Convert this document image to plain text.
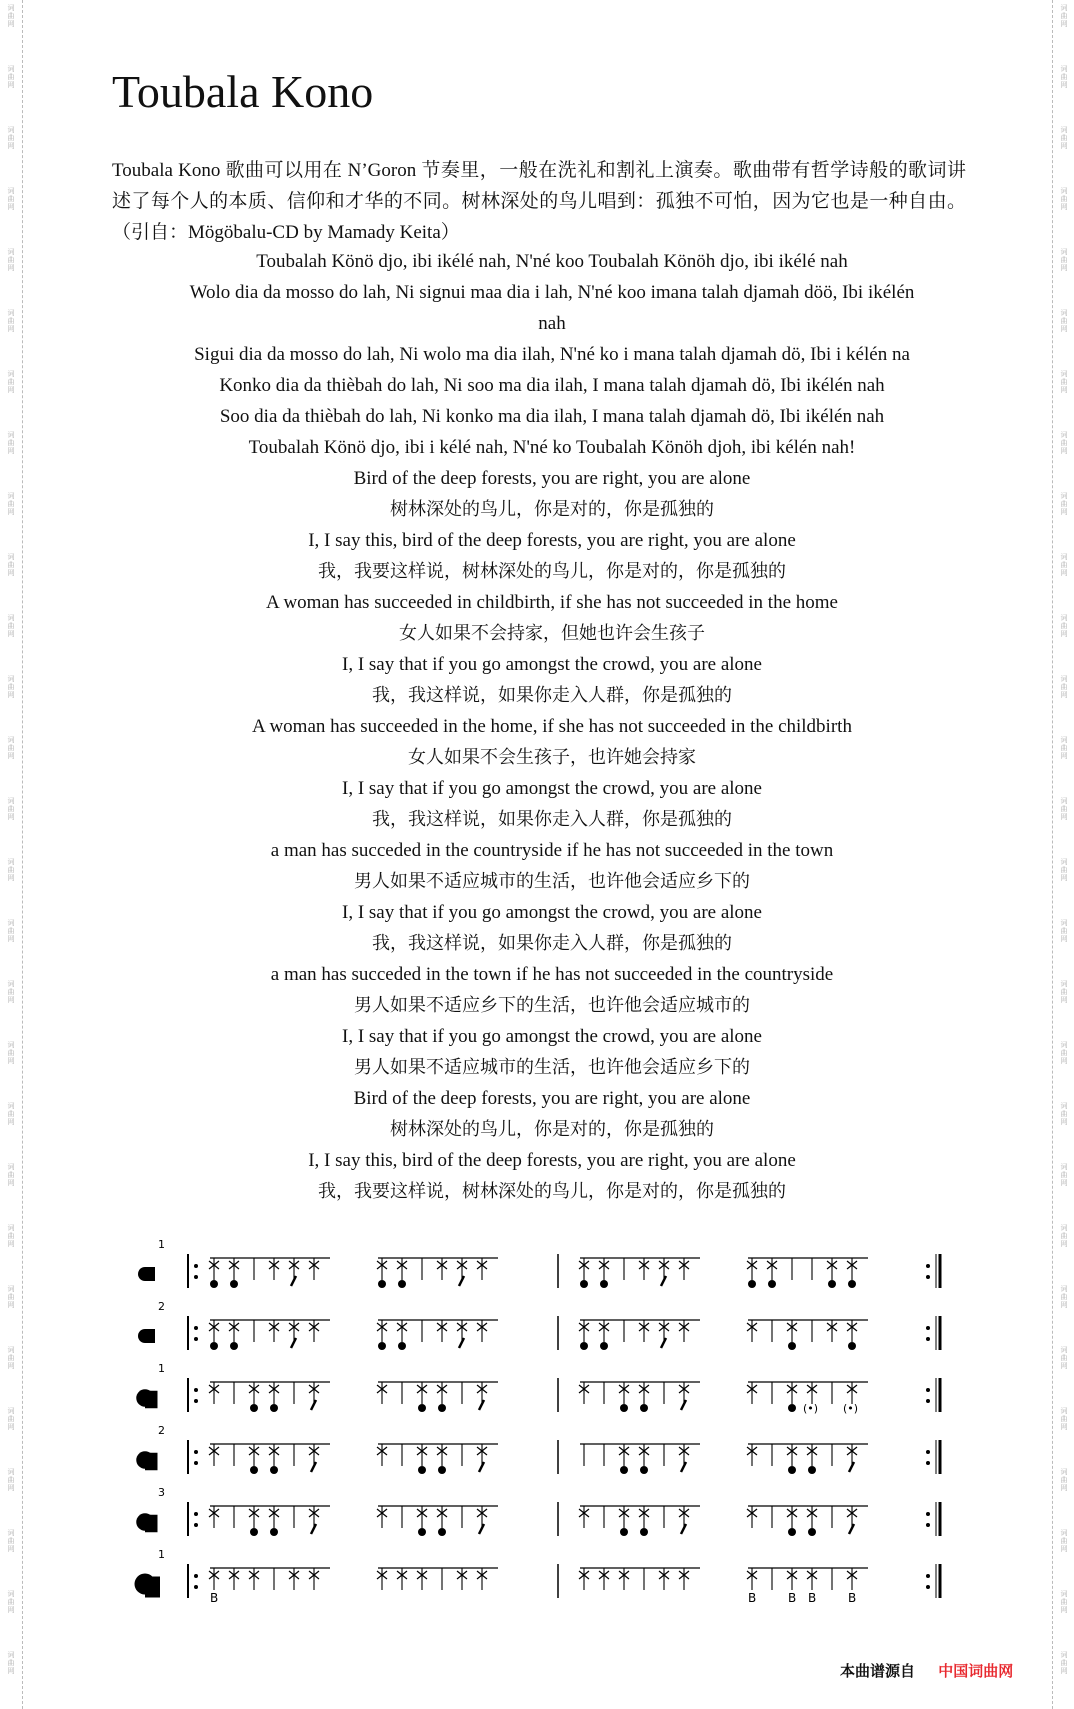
词
曲
网
词
曲
网
词
曲
网
词
曲
网
词
曲
网
词
曲
网
词
曲
网
词
曲
网
词
曲
网
词
曲
网
词
曲
网
词
曲
网
词
曲
网
词
曲
网
词
曲
网
词
曲
网
词
曲
网
词
曲
网
词
曲
网
词
曲
网
词
曲
网
词
曲
网
词
曲
网
词
曲
网
词
曲
网
词
曲
网
词
曲
网
词
曲
网
词
曲
网
词
曲
网
词
曲
网
词
曲
网
词
曲
网
词
曲
网
词
曲
网
词
曲
网
词
曲
网
词
曲
网
词
曲
网
词
曲
网
词
曲
网
词
曲
网
词
曲
网
词
曲
网
词
曲
网
词
曲
网
词
曲
网
词
曲
网
词
曲
网
词
曲
网
词
曲
网
词
曲
网
词
曲
网
词
曲
网
词
曲
网
词
曲
网
Toubala Kono

Toubala Kono 歌曲可以用在 N’Goron 节奏里，一般在洗礼和割礼上演奏。歌曲带有哲学诗般的歌词讲述了每个人的本质、信仰和才华的不同。树林深处的鸟儿唱到：孤独不可怕，因为它也是一种自由。（引自：Mögöbalu-CD by Mamady Keita）

Toubalah Könö djo, ibi ikélé nah, N'né koo Toubalah Könöh djo, ibi ikélé nah
Wolo dia da mosso do lah, Ni signui maa dia i lah, N'né koo imana talah djamah döö, Ibi ikélén nah
Sigui dia da mosso do lah, Ni wolo ma dia ilah, N'né ko i mana talah djamah dö, Ibi i kélén na
Konko dia da thièbah do lah, Ni soo ma dia ilah, I mana talah djamah dö, Ibi ikélén nah
Soo dia da thièbah do lah, Ni konko ma dia ilah, I mana talah djamah dö, Ibi ikélén nah
Toubalah Könö djo, ibi i kélé nah, N'né ko Toubalah Könöh djoh, ibi kélén nah!
Bird of the deep forests, you are right, you are alone
树林深处的鸟儿，你是对的，你是孤独的
I, I say this, bird of the deep forests, you are right, you are alone
我，我要这样说，树林深处的鸟儿，你是对的，你是孤独的
A woman has succeeded in childbirth, if she has not succeeded in the home
女人如果不会持家，但她也许会生孩子
I, I say that if you go amongst the crowd, you are alone
我，我这样说，如果你走入人群，你是孤独的
A woman has succeeded in the home, if she has not succeeded in the childbirth
女人如果不会生孩子，也许她会持家
I, I say that if you go amongst the crowd, you are alone
我，我这样说，如果你走入人群，你是孤独的
a man has succeded in the countryside if he has not succeeded in the town
男人如果不适应城市的生活，也许他会适应乡下的
I, I say that if you go amongst the crowd, you are alone
我，我这样说，如果你走入人群，你是孤独的
a man has succeded in the town if he has not succeeded in the countryside
男人如果不适应乡下的生活，也许他会适应城市的
I, I say that if you go amongst the crowd, you are alone
男人如果不适应城市的生活，也许他会适应乡下的
Bird of the deep forests, you are right, you are alone
树林深处的鸟儿，你是对的，你是孤独的
I, I say this, bird of the deep forests, you are right, you are alone
我，我要这样说，树林深处的鸟儿，你是对的，你是孤独的
1
2
1
(•) (•)
2
3
1
B	B	B B	B
本曲谱源自 中国词曲网
